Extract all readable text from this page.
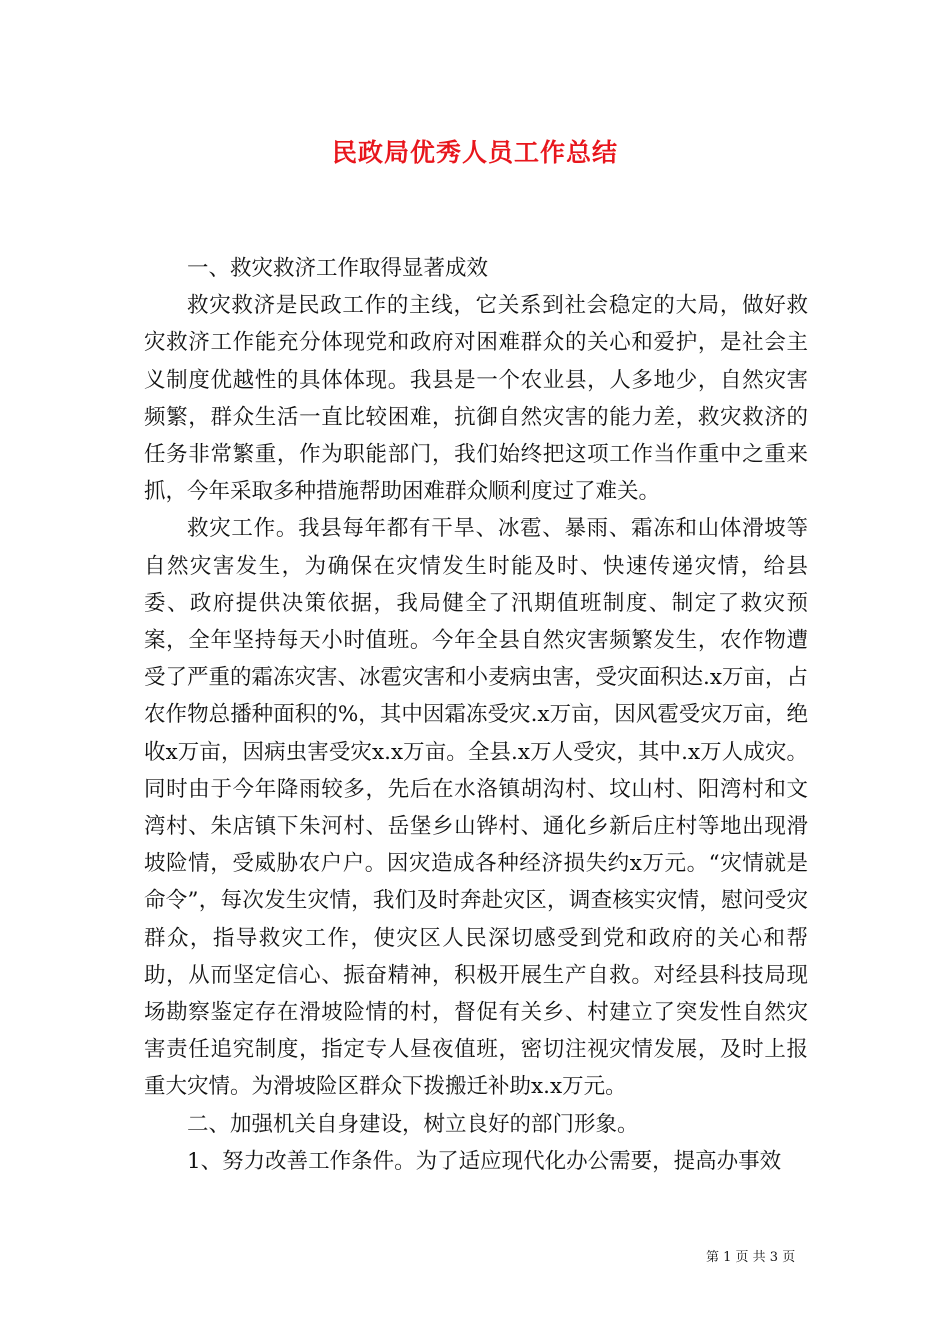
民政局优秀人员工作总结

一、救灾救济工作取得显著成效

救灾救济是民政工作的主线，它关系到社会稳定的大局，做好救灾救济工作能充分体现党和政府对困难群众的关心和爱护，是社会主义制度优越性的具体体现。我县是一个农业县，人多地少，自然灾害频繁，群众生活一直比较困难，抗御自然灾害的能力差，救灾救济的任务非常繁重，作为职能部门，我们始终把这项工作当作重中之重来抓，今年采取多种措施帮助困难群众顺利度过了难关。

救灾工作。我县每年都有干旱、冰雹、暴雨、霜冻和山体滑坡等自然灾害发生，为确保在灾情发生时能及时、快速传递灾情，给县委、政府提供决策依据，我局健全了汛期值班制度、制定了救灾预案，全年坚持每天小时值班。今年全县自然灾害频繁发生，农作物遭受了严重的霜冻灾害、冰雹灾害和小麦病虫害，受灾面积达.x万亩，占农作物总播种面积的%，其中因霜冻受灾.x万亩，因风雹受灾万亩，绝收x万亩，因病虫害受灾x.x万亩。全县.x万人受灾，其中.x万人成灾。同时由于今年降雨较多，先后在水洛镇胡沟村、坟山村、阳湾村和文湾村、朱店镇下朱河村、岳堡乡山铧村、通化乡新后庄村等地出现滑坡险情，受威胁农户户。因灾造成各种经济损失约x万元。“灾情就是命令”，每次发生灾情，我们及时奔赴灾区，调查核实灾情，慰问受灾群众，指导救灾工作，使灾区人民深切感受到党和政府的关心和帮助，从而坚定信心、振奋精神，积极开展生产自救。对经县科技局现场勘察鉴定存在滑坡险情的村，督促有关乡、村建立了突发性自然灾害责任追究制度，指定专人昼夜值班，密切注视灾情发展，及时上报重大灾情。为滑坡险区群众下拨搬迁补助x.x万元。

二、加强机关自身建设，树立良好的部门形象。

1、努力改善工作条件。为了适应现代化办公需要，提高办事效

第 1 页 共 3 页
